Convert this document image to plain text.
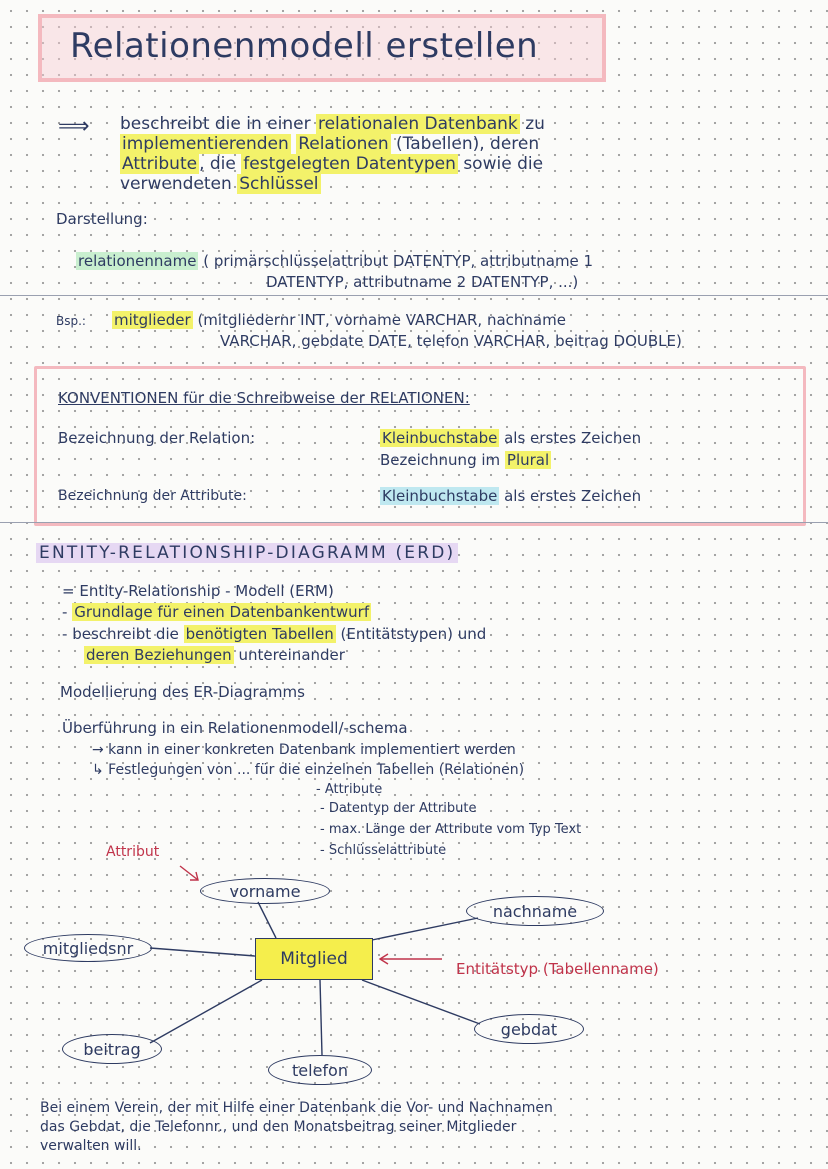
Relationenmodell erstellen
⟹ beschreibt die in einer relationalen Datenbank zu
implementierenden Relationen (Tabellen), deren
Attribute , die festgelegten Datentypen sowie die
verwendeten Schlüssel
Darstellung:
relationenname ( primärschlüsselattribut DATENTYP, attributname 1
DATENTYP, attributname 2 DATENTYP, ...)
Bsp.: mitglieder (mitgliedernr INT, vorname VARCHAR, nachname
VARCHAR, gebdate DATE, telefon VARCHAR, beitrag DOUBLE)
KONVENTIONEN für die Schreibweise der RELATIONEN:
Bezeichnung der Relation:	Kleinbuchstabe als erstes Zeichen
Bezeichnung im Plural
Bezeichnung der Attribute:	Kleinbuchstabe als erstes Zeichen
ENTITY-RELATIONSHIP-DIAGRAMM (ERD)
= Entity-Relationship - Modell (ERM)
- Grundlage für einen Datenbankentwurf
- beschreibt die benötigten Tabellen (Entitätstypen) und
deren Beziehungen untereinander
Modellierung des ER-Diagramms
Überführung in ein Relationenmodell/-schema
→ kann in einer konkreten Datenbank implementiert werden
↳ Festlegungen von ... für die einzelnen Tabellen (Relationen)
- Attribute
- Datentyp der Attribute
- max. Länge der Attribute vom Typ Text
- Schlüsselattribute
Attribut
vorname
nachname
mitgliedsnr
Mitglied	Entitätstyp (Tabellenname)
gebdat
beitrag
telefon
Bei einem Verein, der mit Hilfe einer Datenbank die Vor- und Nachnamen
das Gebdat, die Telefonnr., und den Monatsbeitrag seiner Mitglieder
verwalten will.
